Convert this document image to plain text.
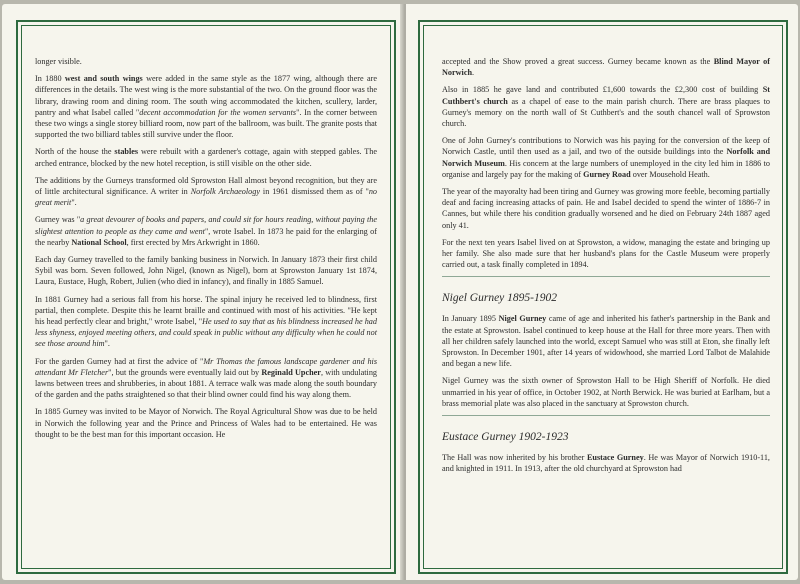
longer visible.

In 1880 west and south wings were added in the same style as the 1877 wing, although there are differences in the details. The west wing is the more substantial of the two. On the ground floor was the library, drawing room and dining room. The south wing accommodated the kitchen, scullery, larder, pantry and what Isabel called "decent accommodation for the women servants". In the corner between these two wings a single storey billiard room, now part of the ballroom, was built. The granite posts that supported the two billiard tables still survive under the floor.

North of the house the stables were rebuilt with a gardener's cottage, again with stepped gables. The arched entrance, blocked by the new hotel reception, is still visible on the other side.

The additions by the Gurneys transformed old Sprowston Hall almost beyond recognition, but they are of little architectural significance. A writer in Norfolk Archaeology in 1961 dismissed them as of "no great merit".

Gurney was "a great devourer of books and papers, and could sit for hours reading, without paying the slightest attention to people as they came and went", wrote Isabel. In 1873 he paid for the enlarging of the nearby National School, first erected by Mrs Arkwright in 1860.

Each day Gurney travelled to the family banking business in Norwich. In January 1873 their first child Sybil was born. Seven followed, John Nigel, (known as Nigel), born at Sprowston January 1st 1874, Laura, Eustace, Hugh, Robert, Julien (who died in infancy), and finally in 1885 Samuel.

In 1881 Gurney had a serious fall from his horse. The spinal injury he received led to blindness, first partial, then complete. Despite this he learnt braille and continued with most of his activities. "He kept his head perfectly clear and bright," wrote Isabel, "He used to say that as his blindness increased he had less shyness, enjoyed meeting others, and could speak in public without any difficulty when he could not see those around him".

For the garden Gurney had at first the advice of "Mr Thomas the famous landscape gardener and his attendant Mr Fletcher", but the grounds were eventually laid out by Reginald Upcher, with undulating lawns between trees and shrubberies, in about 1881. A terrace walk was made along the south boundary of the garden and the paths straightened so that their blind owner could find his way along them.

In 1885 Gurney was invited to be Mayor of Norwich. The Royal Agricultural Show was due to be held in Norwich the following year and the Prince and Princess of Wales had to be entertained. He was thought to be the best man for this important occasion. He

accepted and the Show proved a great success. Gurney became known as the Blind Mayor of Norwich.

Also in 1885 he gave land and contributed £1,600 towards the £2,300 cost of building St Cuthbert's church as a chapel of ease to the main parish church. There are brass plaques to Gurney's memory on the north wall of St Cuthbert's and the south chancel wall of Sprowston church.

One of John Gurney's contributions to Norwich was his paying for the conversion of the keep of Norwich Castle, until then used as a jail, and two of the outside buildings into the Norfolk and Norwich Museum. His concern at the large numbers of unemployed in the city led him in 1886 to organise and largely pay for the making of Gurney Road over Mousehold Heath.

The year of the mayoralty had been tiring and Gurney was growing more feeble, becoming partially deaf and facing increasing attacks of pain. He and Isabel decided to spend the winter of 1886-7 in Cannes, but while there his condition gradually worsened and he died on February 24th 1887 aged only 41.

For the next ten years Isabel lived on at Sprowston, a widow, managing the estate and bringing up her family. She also made sure that her husband's plans for the Castle Museum were properly carried out, a task finally completed in 1894.

Nigel Gurney 1895-1902

In January 1895 Nigel Gurney came of age and inherited his father's partnership in the Bank and the estate at Sprowston. Isabel continued to keep house at the Hall for three more years. Then with all her children safely launched into the world, except Samuel who was still at Eton, she finally left Sprowston. In December 1901, after 14 years of widowhood, she married Lord Talbot de Malahide and began a new life.

Nigel Gurney was the sixth owner of Sprowston Hall to be High Sheriff of Norfolk. He died unmarried in his year of office, in October 1902, at North Berwick. He was buried at Earlham, but a brass memorial plate was also placed in the sanctuary at Sprowston church.

Eustace Gurney 1902-1923

The Hall was now inherited by his brother Eustace Gurney. He was Mayor of Norwich 1910-11, and knighted in 1911. In 1913, after the old churchyard at Sprowston had
